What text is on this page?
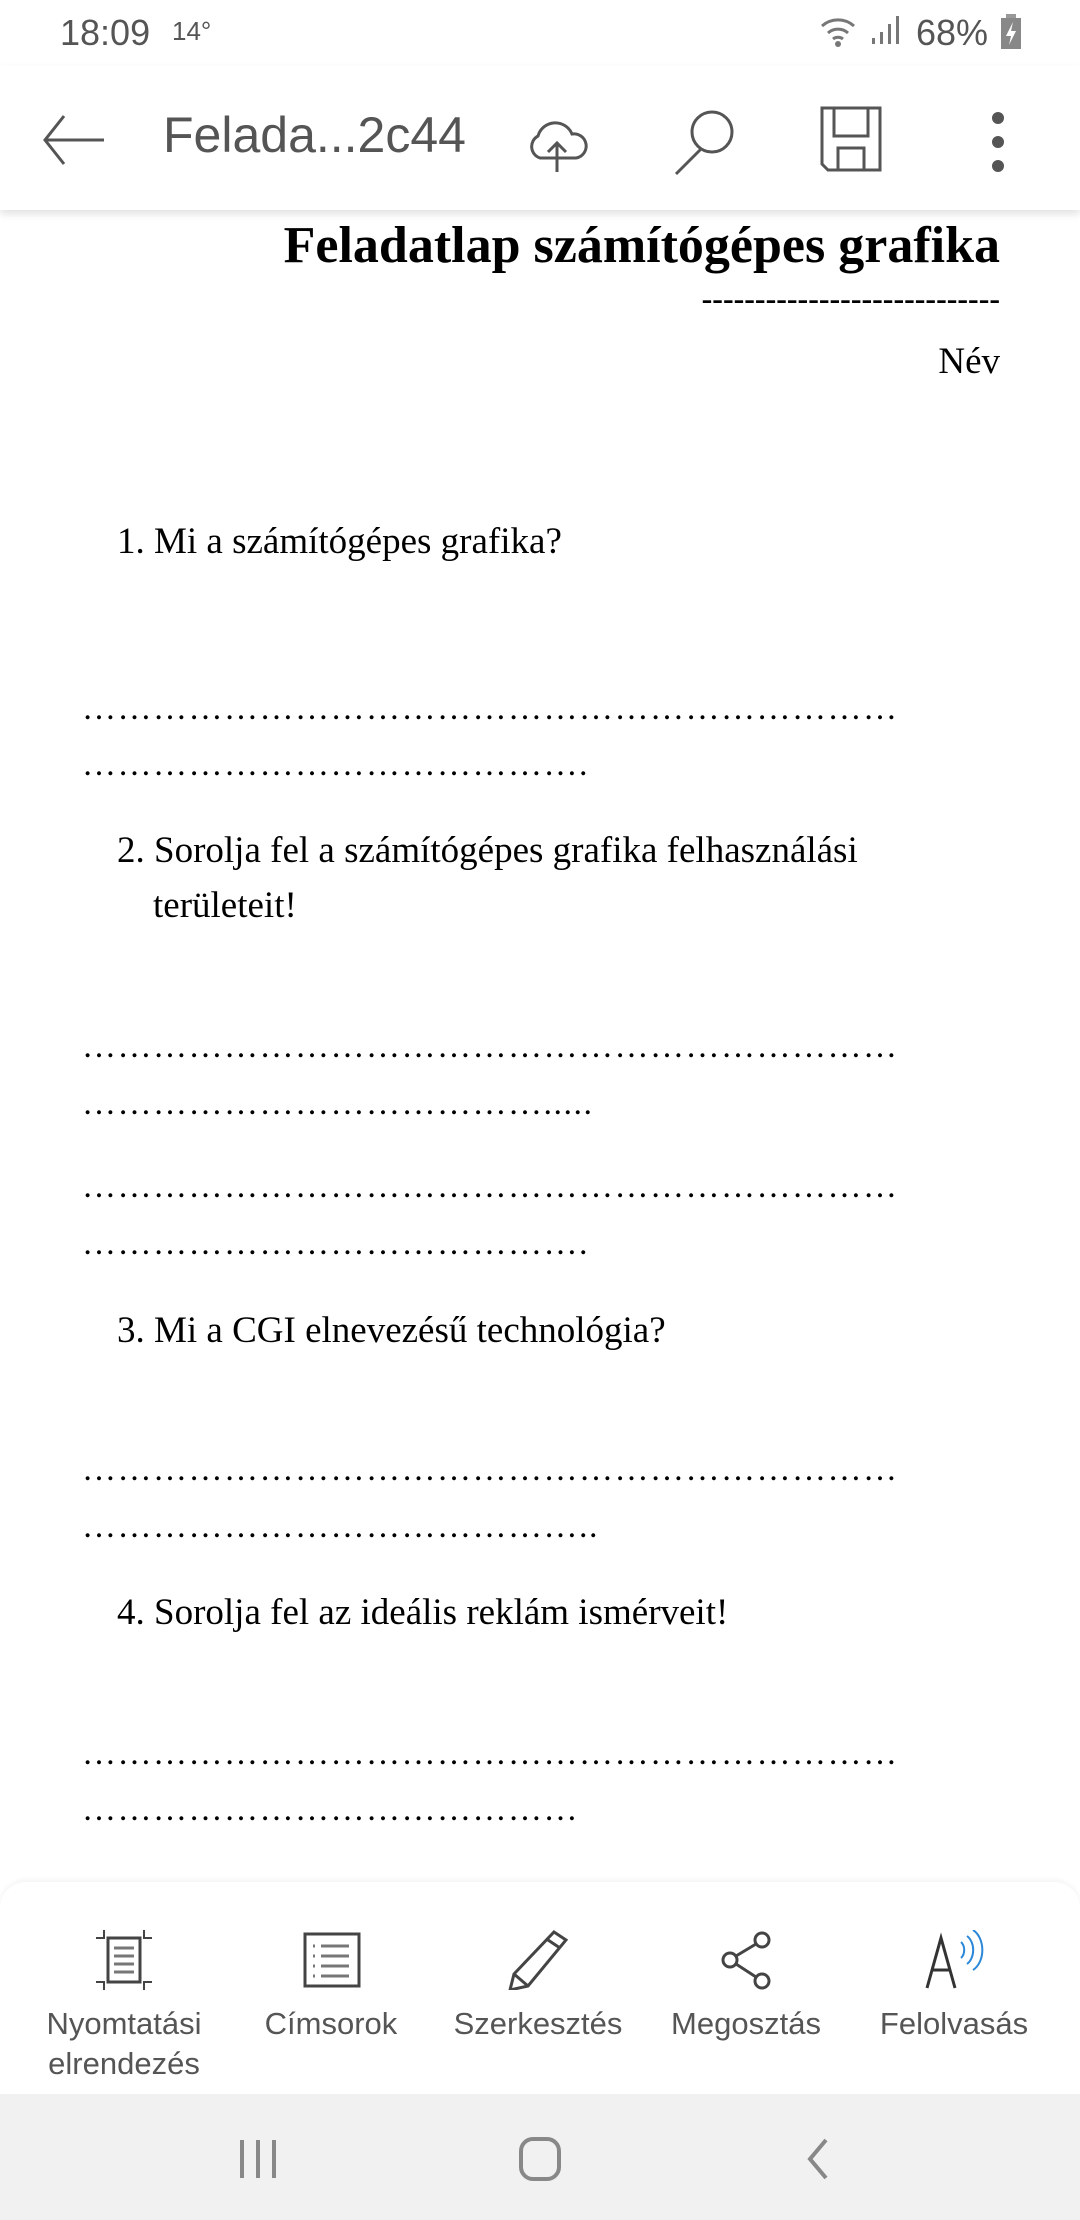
18:09 14°	68%
Felada...2c44
Feladatlap számítógépes grafika
----------------------------
Név
1. Mi a számítógépes grafika?
……………………………………………………………
…………………………………….
2. Sorolja fel a számítógépes grafika felhasználási
területeit!
……………………………………………………………
………………………………….....
……………………………………………………………
…………………………………….
3. Mi a CGI elnevezésű technológia?
……………………………………………………………
……………………………………..
4. Sorolja fel az ideális reklám ismérveit!
……………………………………………………………
……………………………………
Nyomtatási
elrendezés
Címsorok	Szerkesztés	Megosztás	Felolvasás
